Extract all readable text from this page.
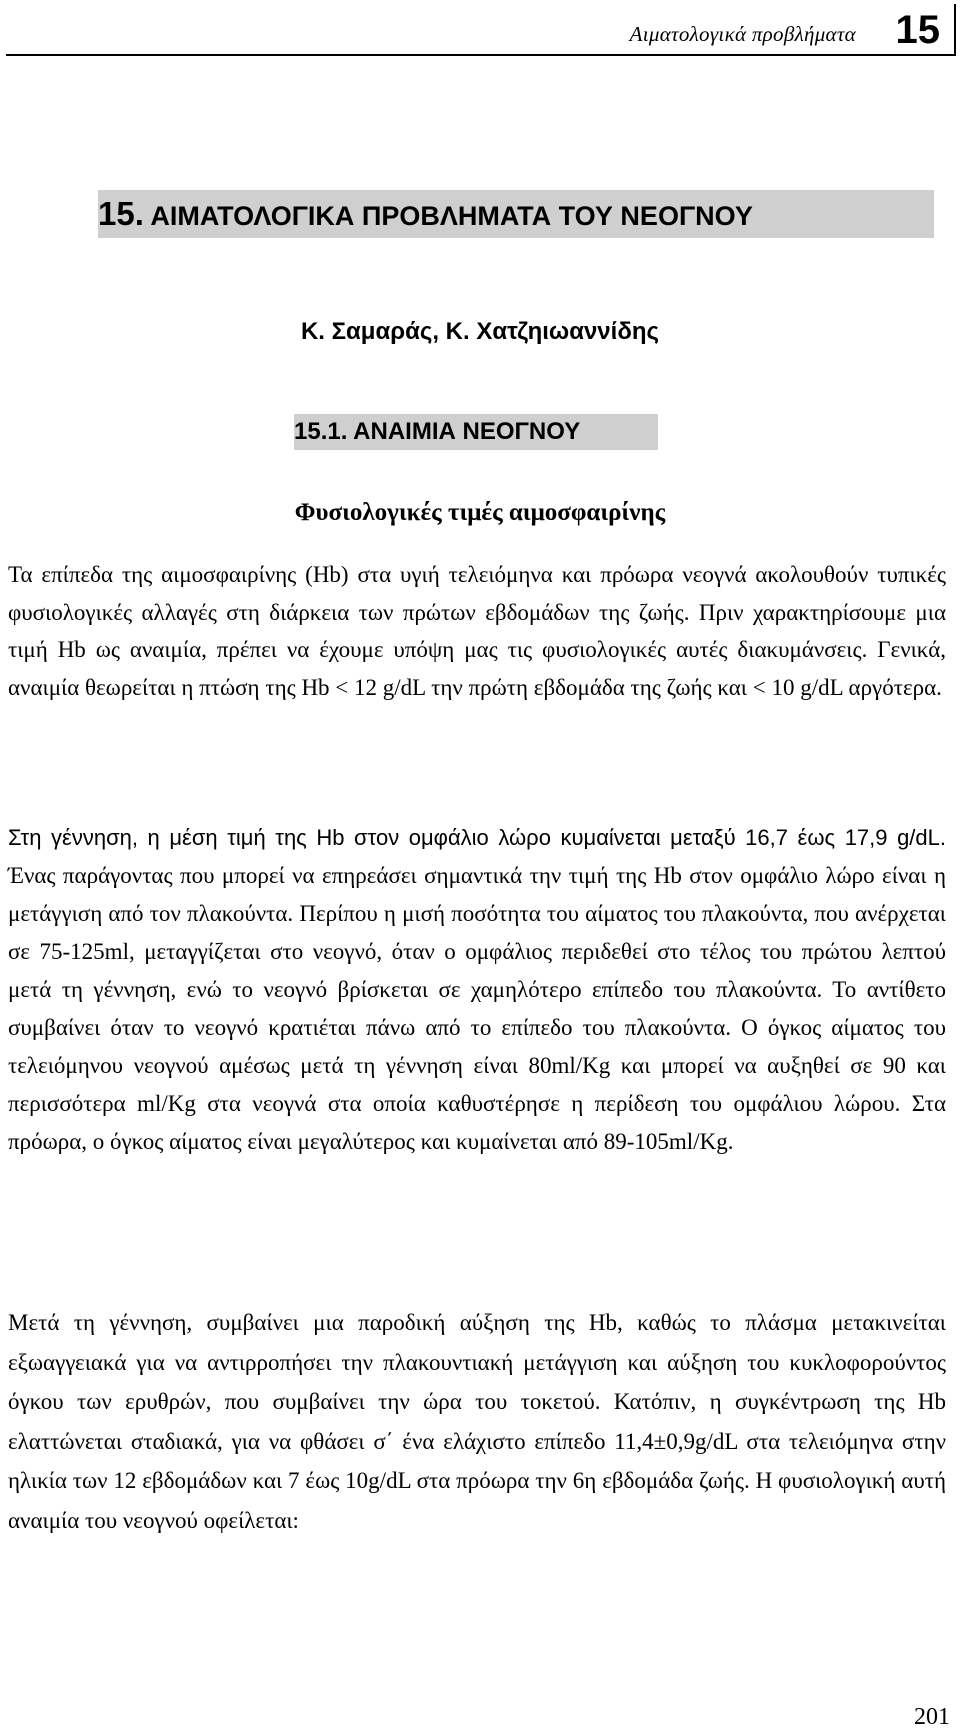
Αιματολογικά προβλήματα 15
15. ΑΙΜΑΤΟΛΟΓΙΚΑ ΠΡΟΒΛΗΜΑΤΑ ΤΟΥ ΝΕΟΓΝΟΥ
Κ. Σαμαράς, Κ. Χατζηιωαννίδης
15.1. ΑΝΑΙΜΙΑ ΝΕΟΓΝΟΥ
Φυσιολογικές τιμές αιμοσφαιρίνης

Τα επίπεδα της αιμοσφαιρίνης (Hb) στα υγιή τελειόμηνα και πρόωρα νεογνά ακολουθούν τυπικές φυσιολογικές αλλαγές στη διάρκεια των πρώτων εβδομάδων της ζωής. Πριν χαρακτηρίσουμε μια τιμή Hb ως αναιμία, πρέπει να έχουμε υπόψη μας τις φυσιολογικές αυτές διακυμάνσεις. Γενικά, αναιμία θεωρείται η πτώση της Hb < 12 g/dL την πρώτη εβδομάδα της ζωής και < 10 g/dL αργότερα.

Στη γέννηση, η μέση τιμή της Hb στον ομφάλιο λώρο κυμαίνεται μεταξύ 16,7 έως 17,9 g/dL. Ένας παράγοντας που μπορεί να επηρεάσει σημαντικά την τιμή της Hb στον ομφάλιο λώρο είναι η μετάγγιση από τον πλακούντα. Περίπου η μισή ποσότητα του αίματος του πλακούντα, που ανέρχεται σε 75-125ml, μεταγγίζεται στο νεογνό, όταν ο ομφάλιος περιδεθεί στο τέλος του πρώτου λεπτού μετά τη γέννηση, ενώ το νεογνό βρίσκεται σε χαμηλότερο επίπεδο του πλακούντα. Το αντίθετο συμβαίνει όταν το νεογνό κρατιέται πάνω από το επίπεδο του πλακούντα. Ο όγκος αίματος του τελειόμηνου νεογνού αμέσως μετά τη γέννηση είναι 80ml/Kg και μπορεί να αυξηθεί σε 90 και περισσότερα ml/Kg στα νεογνά στα οποία καθυστέρησε η περίδεση του ομφάλιου λώρου. Στα πρόωρα, ο όγκος αίματος είναι μεγαλύτερος και κυμαίνεται από 89-105ml/Kg.

Μετά τη γέννηση, συμβαίνει μια παροδική αύξηση της Hb, καθώς το πλάσμα μετακινείται εξωαγγειακά για να αντιρροπήσει την πλακουντιακή μετάγγιση και αύξηση του κυκλοφορούντος όγκου των ερυθρών, που συμβαίνει την ώρα του τοκετού. Κατόπιν, η συγκέντρωση της Hb ελαττώνεται σταδιακά, για να φθάσει σ΄ ένα ελάχιστο επίπεδο 11,4±0,9g/dL στα τελειόμηνα στην ηλικία των 12 εβδομάδων και 7 έως 10g/dL στα πρόωρα την 6η εβδομάδα ζωής. Η φυσιολογική αυτή αναιμία του νεογνού οφείλεται:

201
